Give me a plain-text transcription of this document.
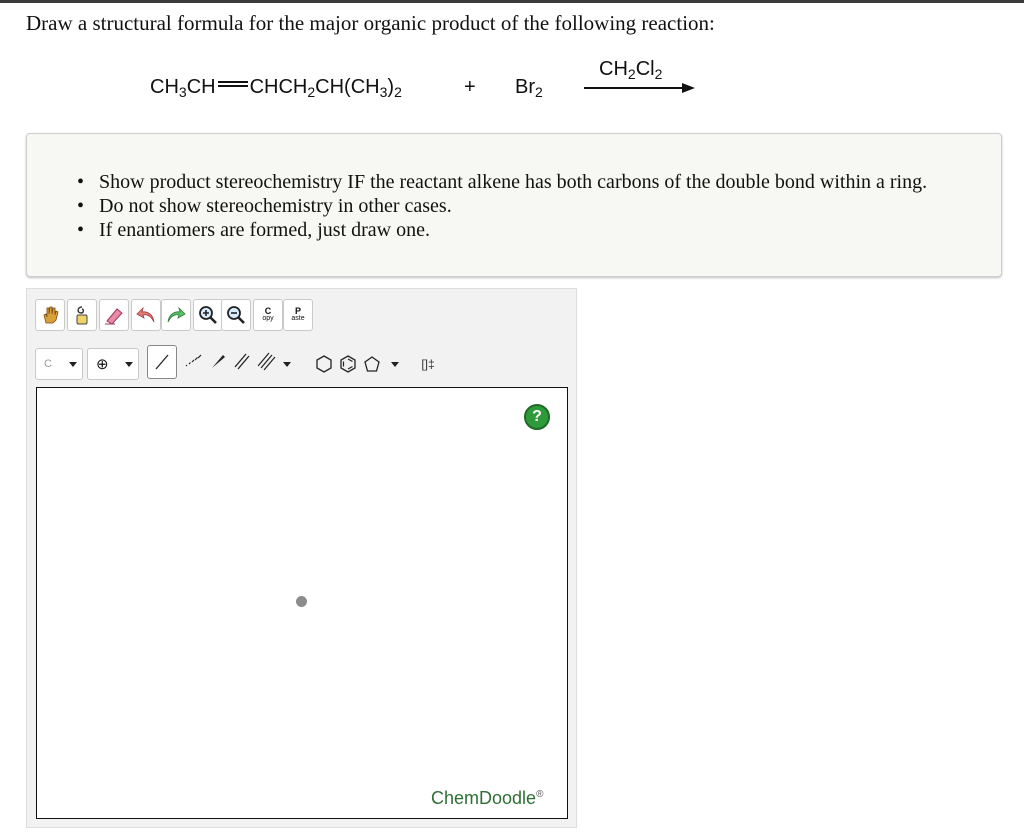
Draw a structural formula for the major organic product of the following reaction:
$CH_3CH$ $CHCH_2CH(CH_3)_2$	+ $Br_2$
$CH_2Cl_2$
• Show product stereochemistry IF the reactant alkene has both carbons of the double bond within a ring.
• Do not show stereochemistry in other cases.
• If enantiomers are formed, just draw one.
C
opy
P
aste
C	⊕	[]‡
?
ChemDoodle®
